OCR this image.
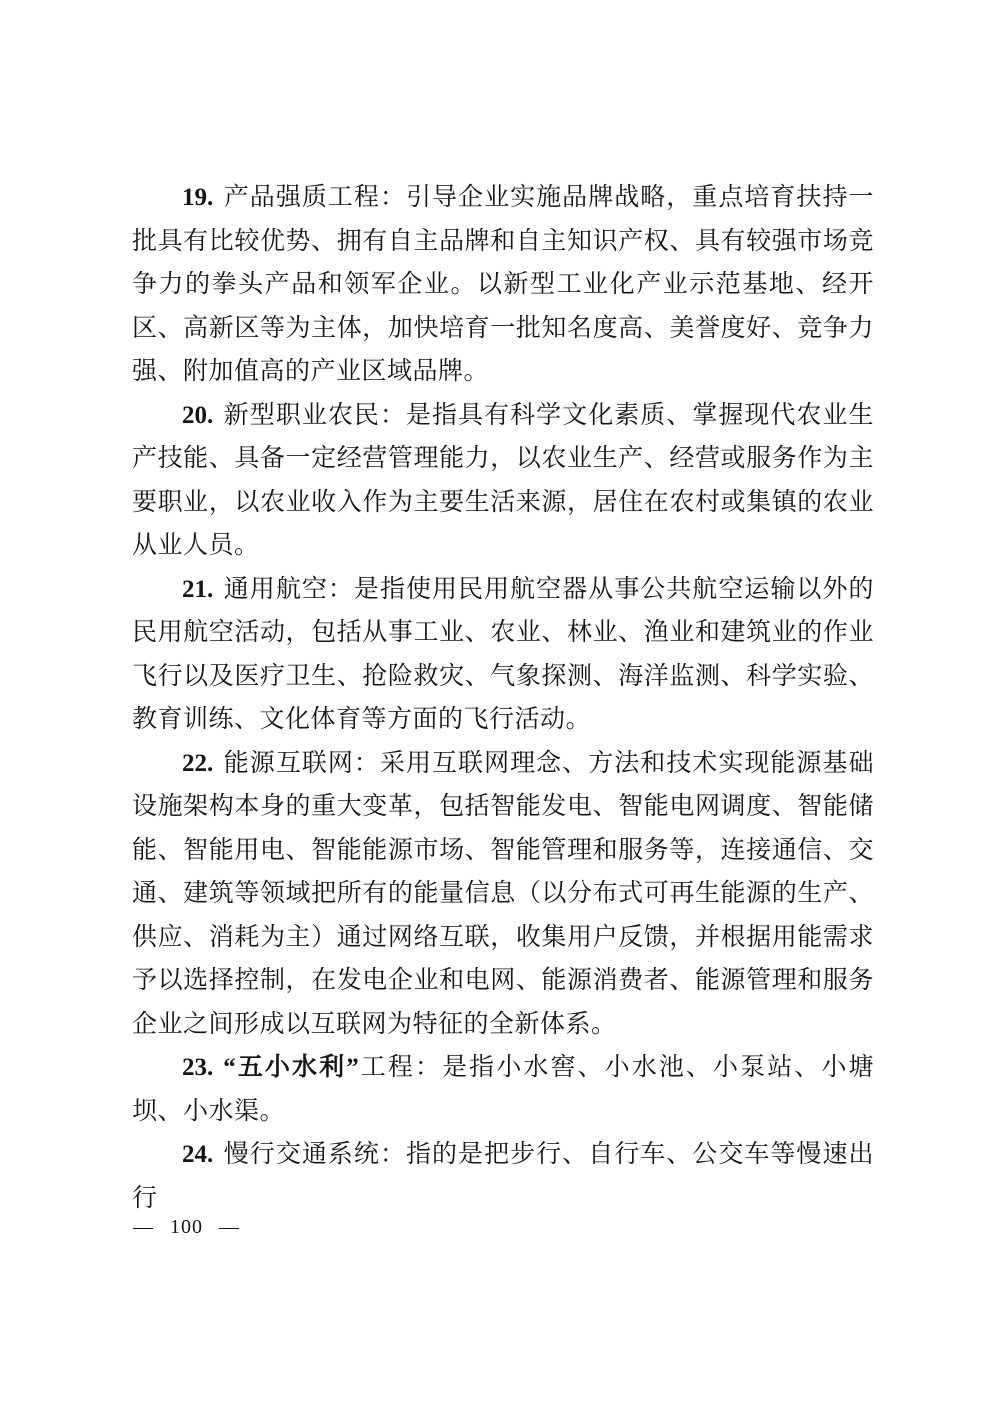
19. 产品强质工程：引导企业实施品牌战略，重点培育扶持一批具有比较优势、拥有自主品牌和自主知识产权、具有较强市场竞争力的拳头产品和领军企业。以新型工业化产业示范基地、经开区、高新区等为主体，加快培育一批知名度高、美誉度好、竞争力强、附加值高的产业区域品牌。

20. 新型职业农民：是指具有科学文化素质、掌握现代农业生产技能、具备一定经营管理能力，以农业生产、经营或服务作为主要职业，以农业收入作为主要生活来源，居住在农村或集镇的农业从业人员。

21. 通用航空：是指使用民用航空器从事公共航空运输以外的民用航空活动，包括从事工业、农业、林业、渔业和建筑业的作业飞行以及医疗卫生、抢险救灾、气象探测、海洋监测、科学实验、教育训练、文化体育等方面的飞行活动。

22. 能源互联网：采用互联网理念、方法和技术实现能源基础设施架构本身的重大变革，包括智能发电、智能电网调度、智能储能、智能用电、智能能源市场、智能管理和服务等，连接通信、交通、建筑等领域把所有的能量信息（以分布式可再生能源的生产、供应、消耗为主）通过网络互联，收集用户反馈，并根据用能需求予以选择控制，在发电企业和电网、能源消费者、能源管理和服务企业之间形成以互联网为特征的全新体系。

23. “五小水利”工程：是指小水窖、小水池、小泵站、小塘坝、小水渠。

24. 慢行交通系统：指的是把步行、自行车、公交车等慢速出行

— 100 —
